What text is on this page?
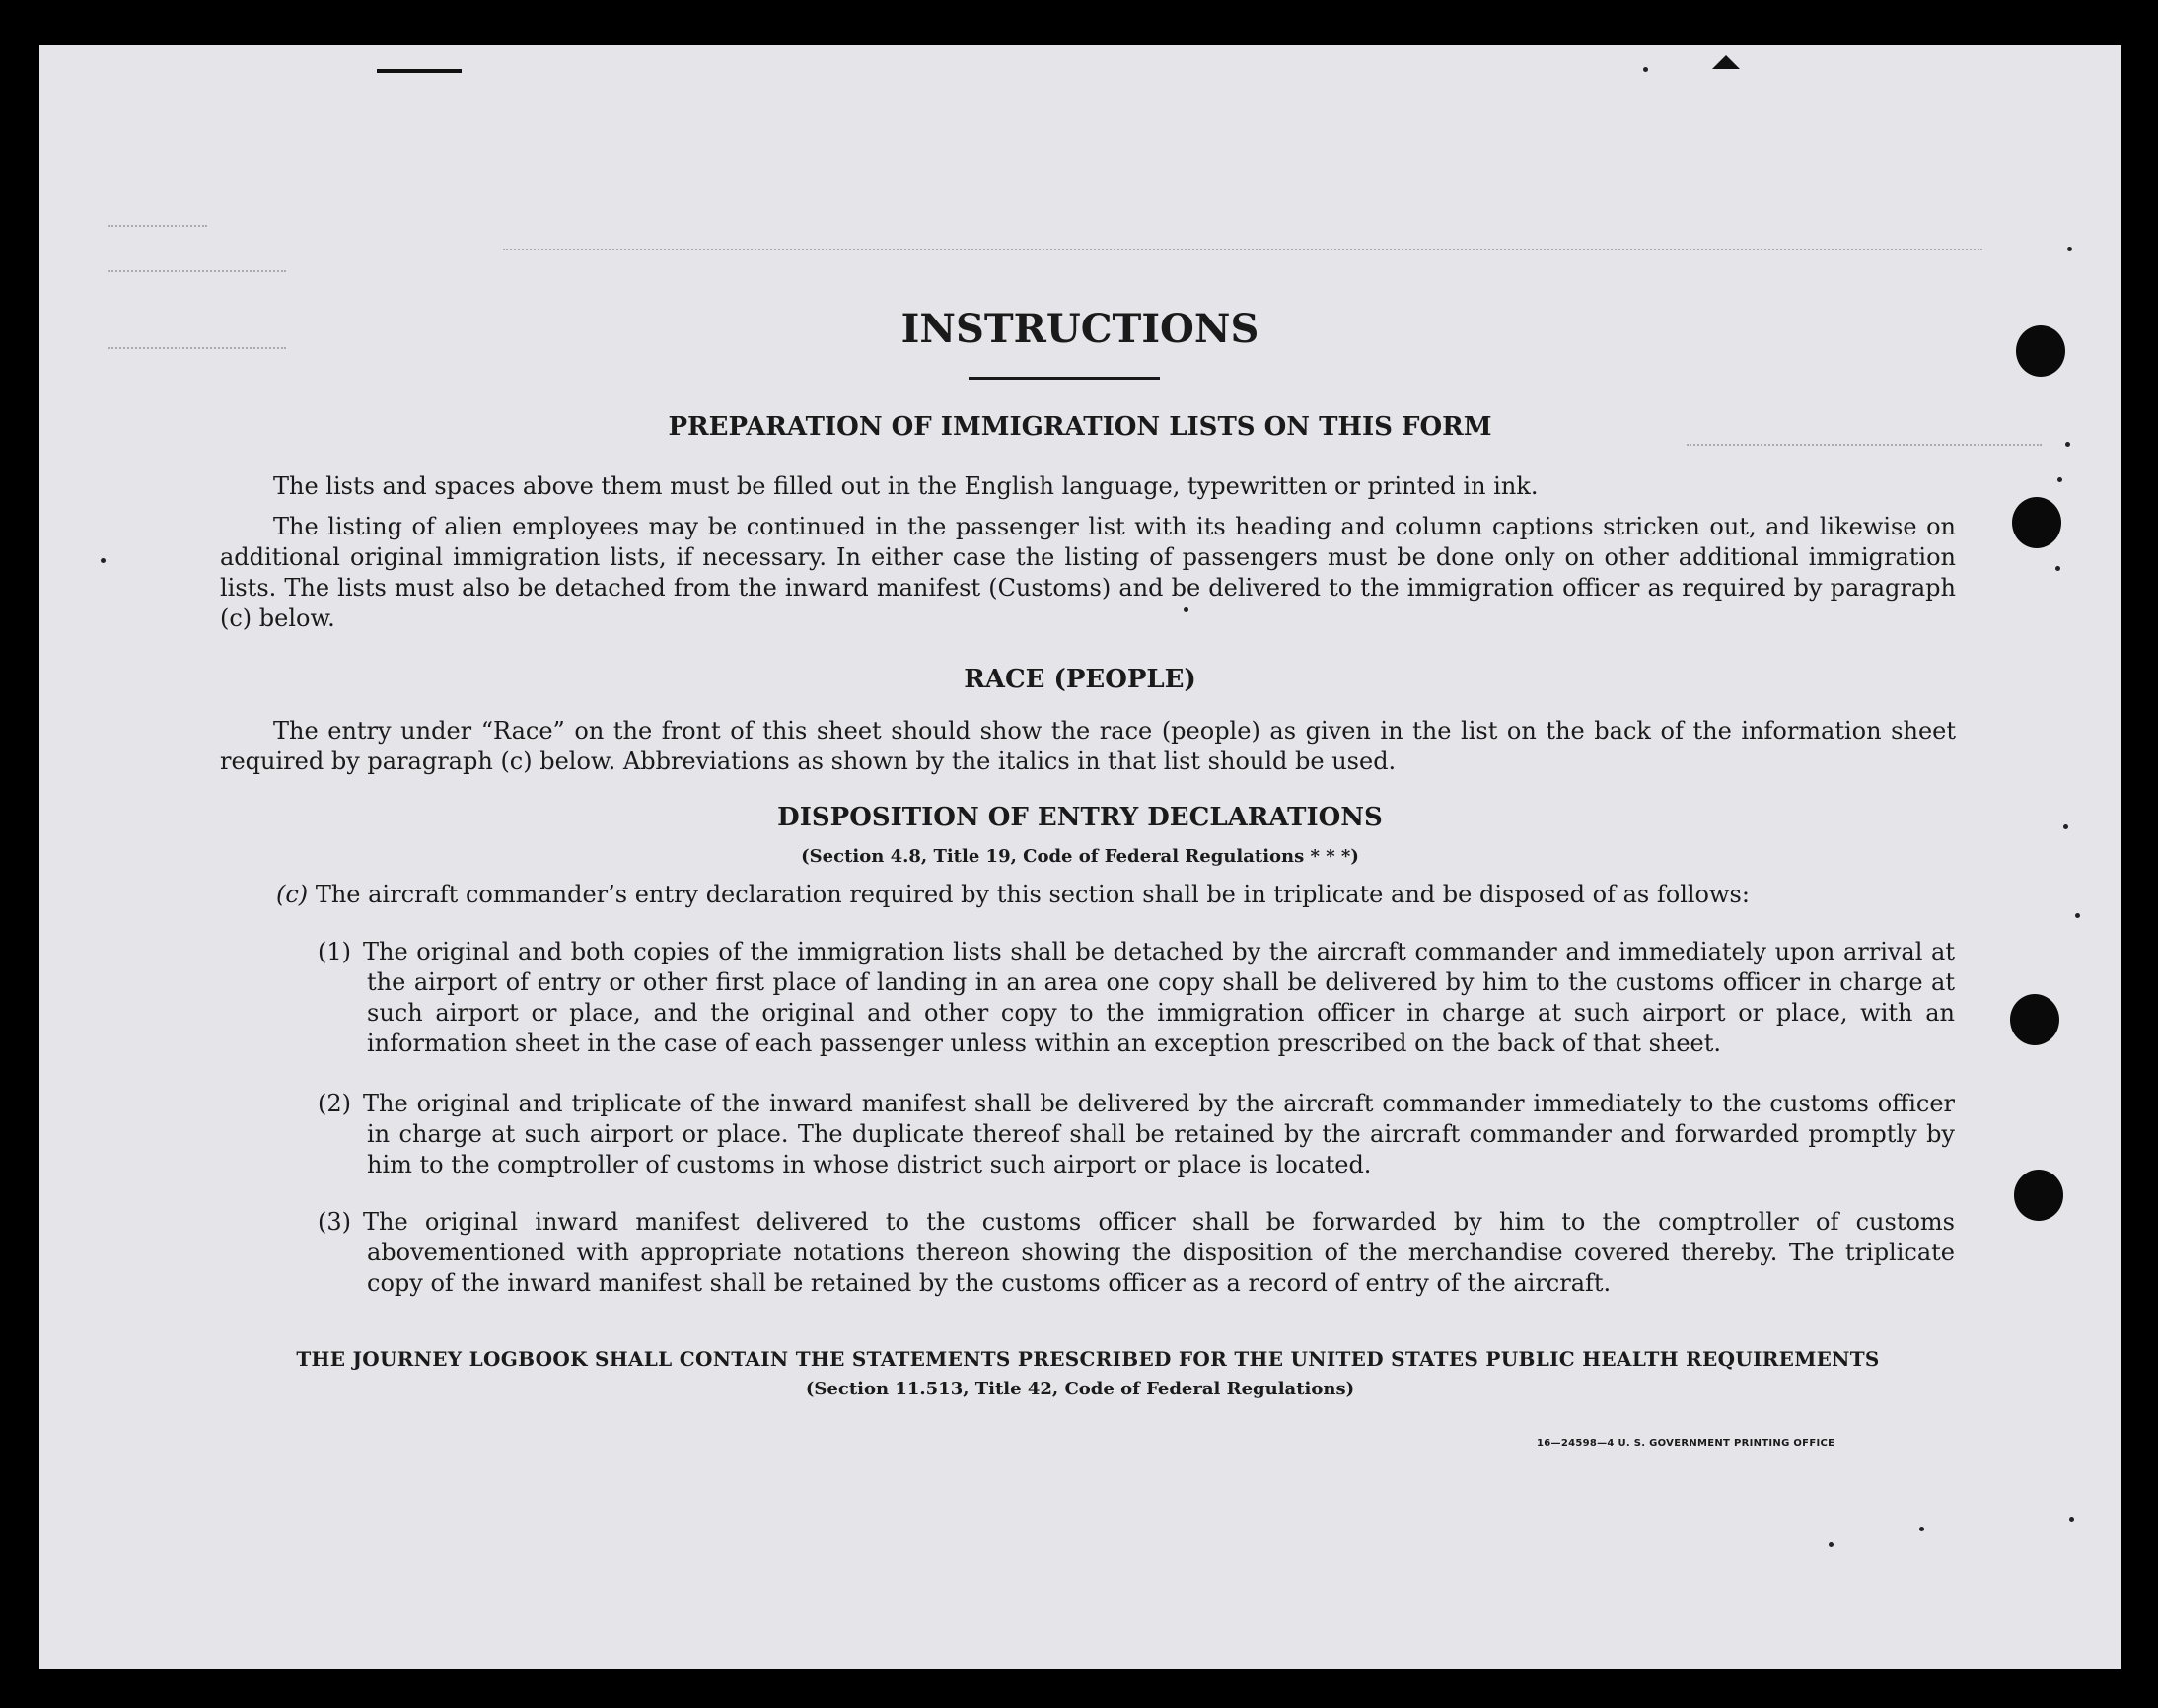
INSTRUCTIONS
PREPARATION OF IMMIGRATION LISTS ON THIS FORM

The lists and spaces above them must be filled out in the English language, typewritten or printed in ink.

The listing of alien employees may be continued in the passenger list with its heading and column captions stricken out, and likewise on additional original immigration lists, if necessary. In either case the listing of passengers must be done only on other additional immigration lists. The lists must also be detached from the inward manifest (Customs) and be delivered to the immigration officer as required by paragraph (c) below.

RACE (PEOPLE)

The entry under “Race” on the front of this sheet should show the race (people) as given in the list on the back of the information sheet required by paragraph (c) below. Abbreviations as shown by the italics in that list should be used.

DISPOSITION OF ENTRY DECLARATIONS

(Section 4.8, Title 19, Code of Federal Regulations * * *)

(c) The aircraft commander’s entry declaration required by this section shall be in triplicate and be disposed of as follows:

(1) The original and both copies of the immigration lists shall be detached by the aircraft commander and immediately upon arrival at the airport of entry or other first place of landing in an area one copy shall be delivered by him to the customs officer in charge at such airport or place, and the original and other copy to the immigration officer in charge at such airport or place, with an information sheet in the case of each passenger unless within an exception prescribed on the back of that sheet.

(2) The original and triplicate of the inward manifest shall be delivered by the aircraft commander immediately to the customs officer in charge at such airport or place. The duplicate thereof shall be retained by the aircraft commander and forwarded promptly by him to the comptroller of customs in whose district such airport or place is located.

(3) The original inward manifest delivered to the customs officer shall be forwarded by him to the comptroller of customs abovementioned with appropriate notations thereon showing the disposition of the merchandise covered thereby. The triplicate copy of the inward manifest shall be retained by the customs officer as a record of entry of the aircraft.

THE JOURNEY LOGBOOK SHALL CONTAIN THE STATEMENTS PRESCRIBED FOR THE UNITED STATES PUBLIC HEALTH REQUIREMENTS

(Section 11.513, Title 42, Code of Federal Regulations)

16—24598—4 U. S. GOVERNMENT PRINTING OFFICE
